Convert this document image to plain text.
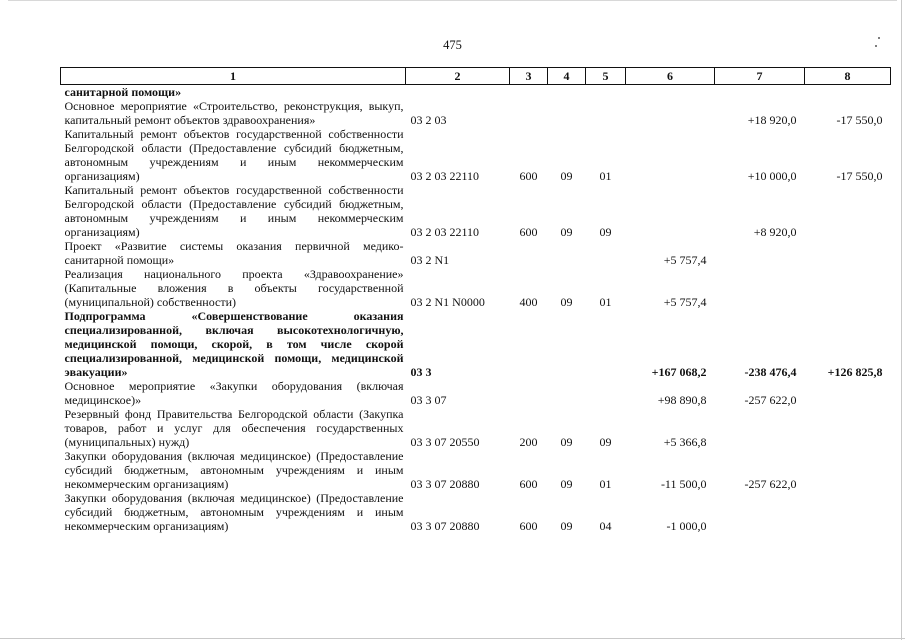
475
1	2	3	4	5	6	7	8
санитарной помощи»							
Основное мероприятие «Строительство, реконструкция, выкуп, капитальный ремонт объектов здравоохранения»	03 2 03					+18 920,0	-17 550,0
Капитальный ремонт объектов государственной собственности Белгородской области (Предоставление субсидий бюджетным, автономным учреждениям и иным некоммерческим организациям)	03 2 03 22110	600	09	01		+10 000,0	-17 550,0
Капитальный ремонт объектов государственной собственности Белгородской области (Предоставление субсидий бюджетным, автономным учреждениям и иным некоммерческим организациям)	03 2 03 22110	600	09	09		+8 920,0	
Проект «Развитие системы оказания первичной медико-санитарной помощи»	03 2 N1				+5 757,4		
Реализация национального проекта «Здравоохранение» (Капитальные вложения в объекты государственной (муниципальной) собственности)	03 2 N1 N0000	400	09	01	+5 757,4		
Подпрограмма «Совершенствование оказания специализированной, включая высокотехнологичную, медицинской помощи, скорой, в том числе скорой специализированной, медицинской помощи, медицинской эвакуации»	03 3				+167 068,2	-238 476,4	+126 825,8
Основное мероприятие «Закупки оборудования (включая медицинское)»	03 3 07				+98 890,8	-257 622,0	
Резервный фонд Правительства Белгородской области (Закупка товаров, работ и услуг для обеспечения государственных (муниципальных) нужд)	03 3 07 20550	200	09	09	+5 366,8		
Закупки оборудования (включая медицинское) (Предоставление субсидий бюджетным, автономным учреждениям и иным некоммерческим организациям)	03 3 07 20880	600	09	01	-11 500,0	-257 622,0	
Закупки оборудования (включая медицинское) (Предоставление субсидий бюджетным, автономным учреждениям и иным некоммерческим организациям)	03 3 07 20880	600	09	04	-1 000,0		
